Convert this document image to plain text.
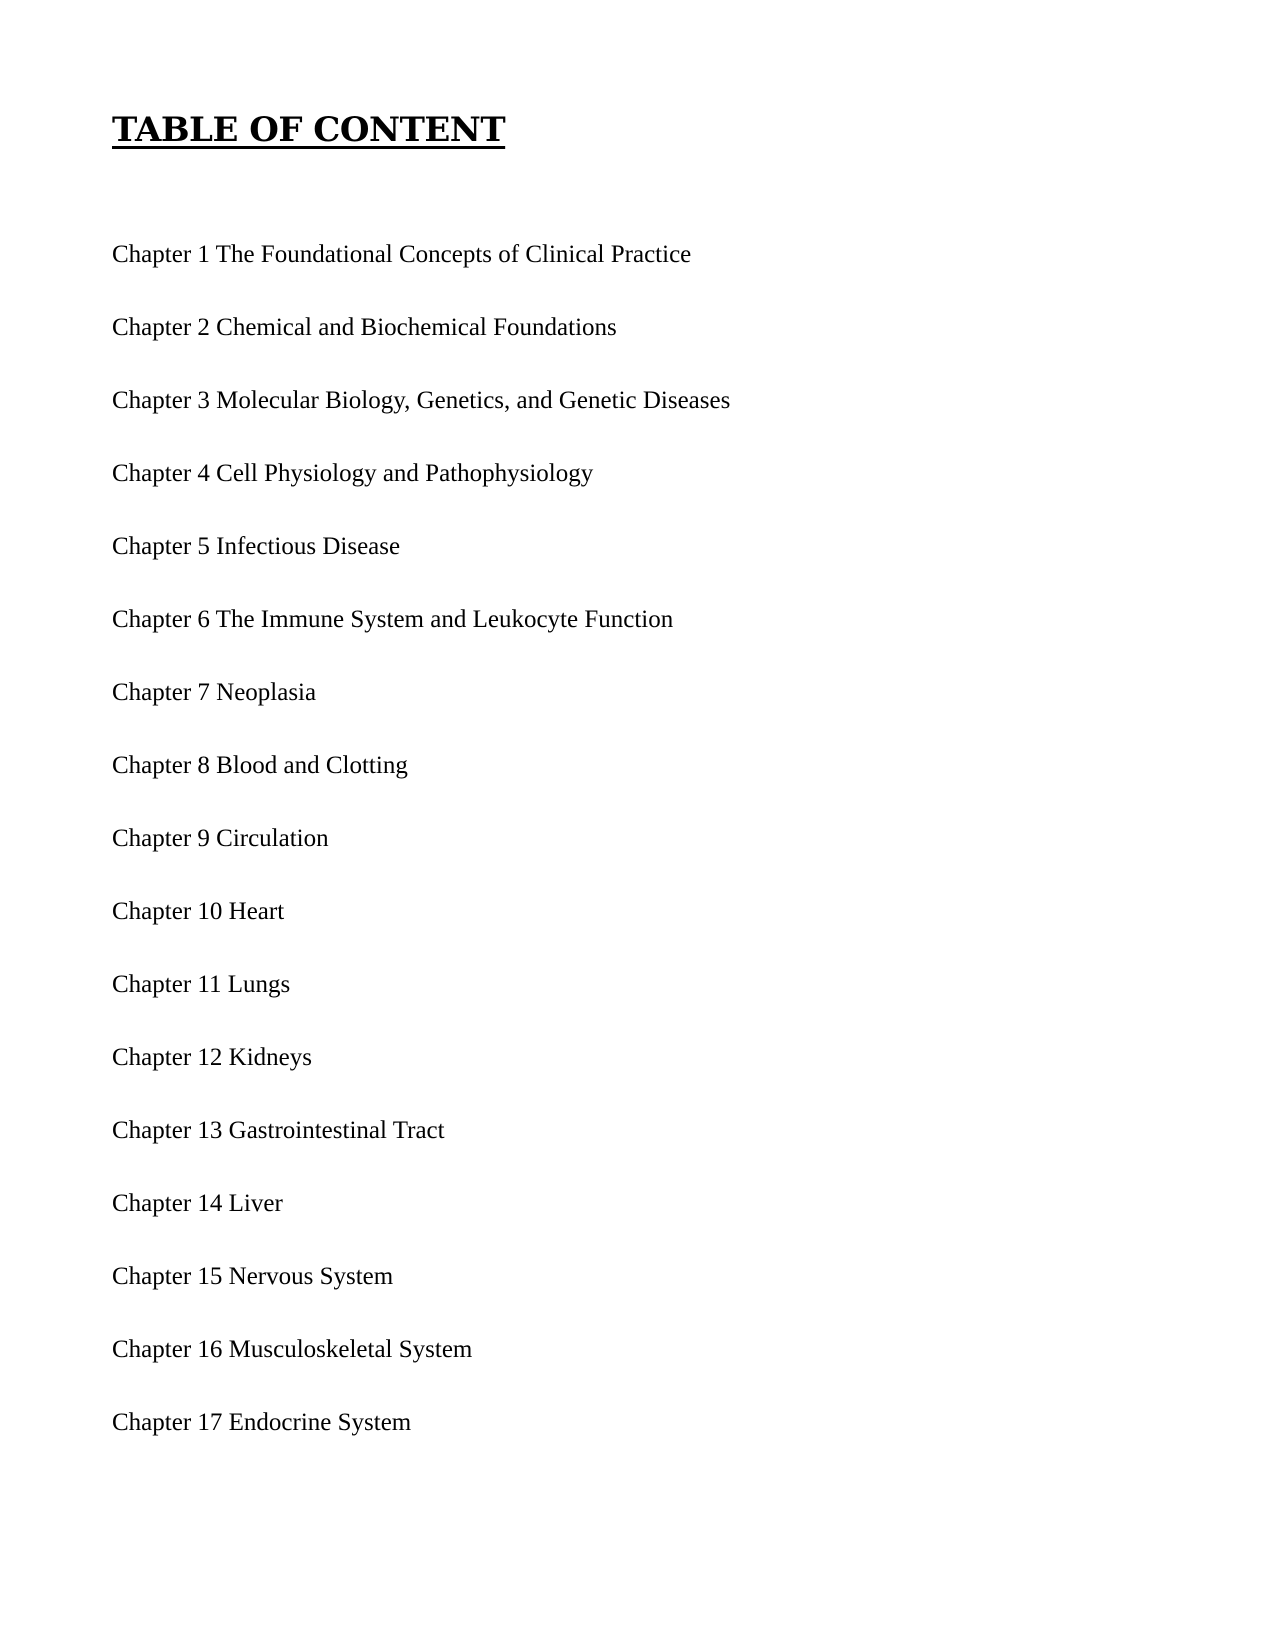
TABLE OF CONTENT
Chapter 1 The Foundational Concepts of Clinical Practice
Chapter 2 Chemical and Biochemical Foundations
Chapter 3 Molecular Biology, Genetics, and Genetic Diseases
Chapter 4 Cell Physiology and Pathophysiology
Chapter 5 Infectious Disease
Chapter 6 The Immune System and Leukocyte Function
Chapter 7 Neoplasia
Chapter 8 Blood and Clotting
Chapter 9 Circulation
Chapter 10 Heart
Chapter 11 Lungs
Chapter 12 Kidneys
Chapter 13 Gastrointestinal Tract
Chapter 14 Liver
Chapter 15 Nervous System
Chapter 16 Musculoskeletal System
Chapter 17 Endocrine System
